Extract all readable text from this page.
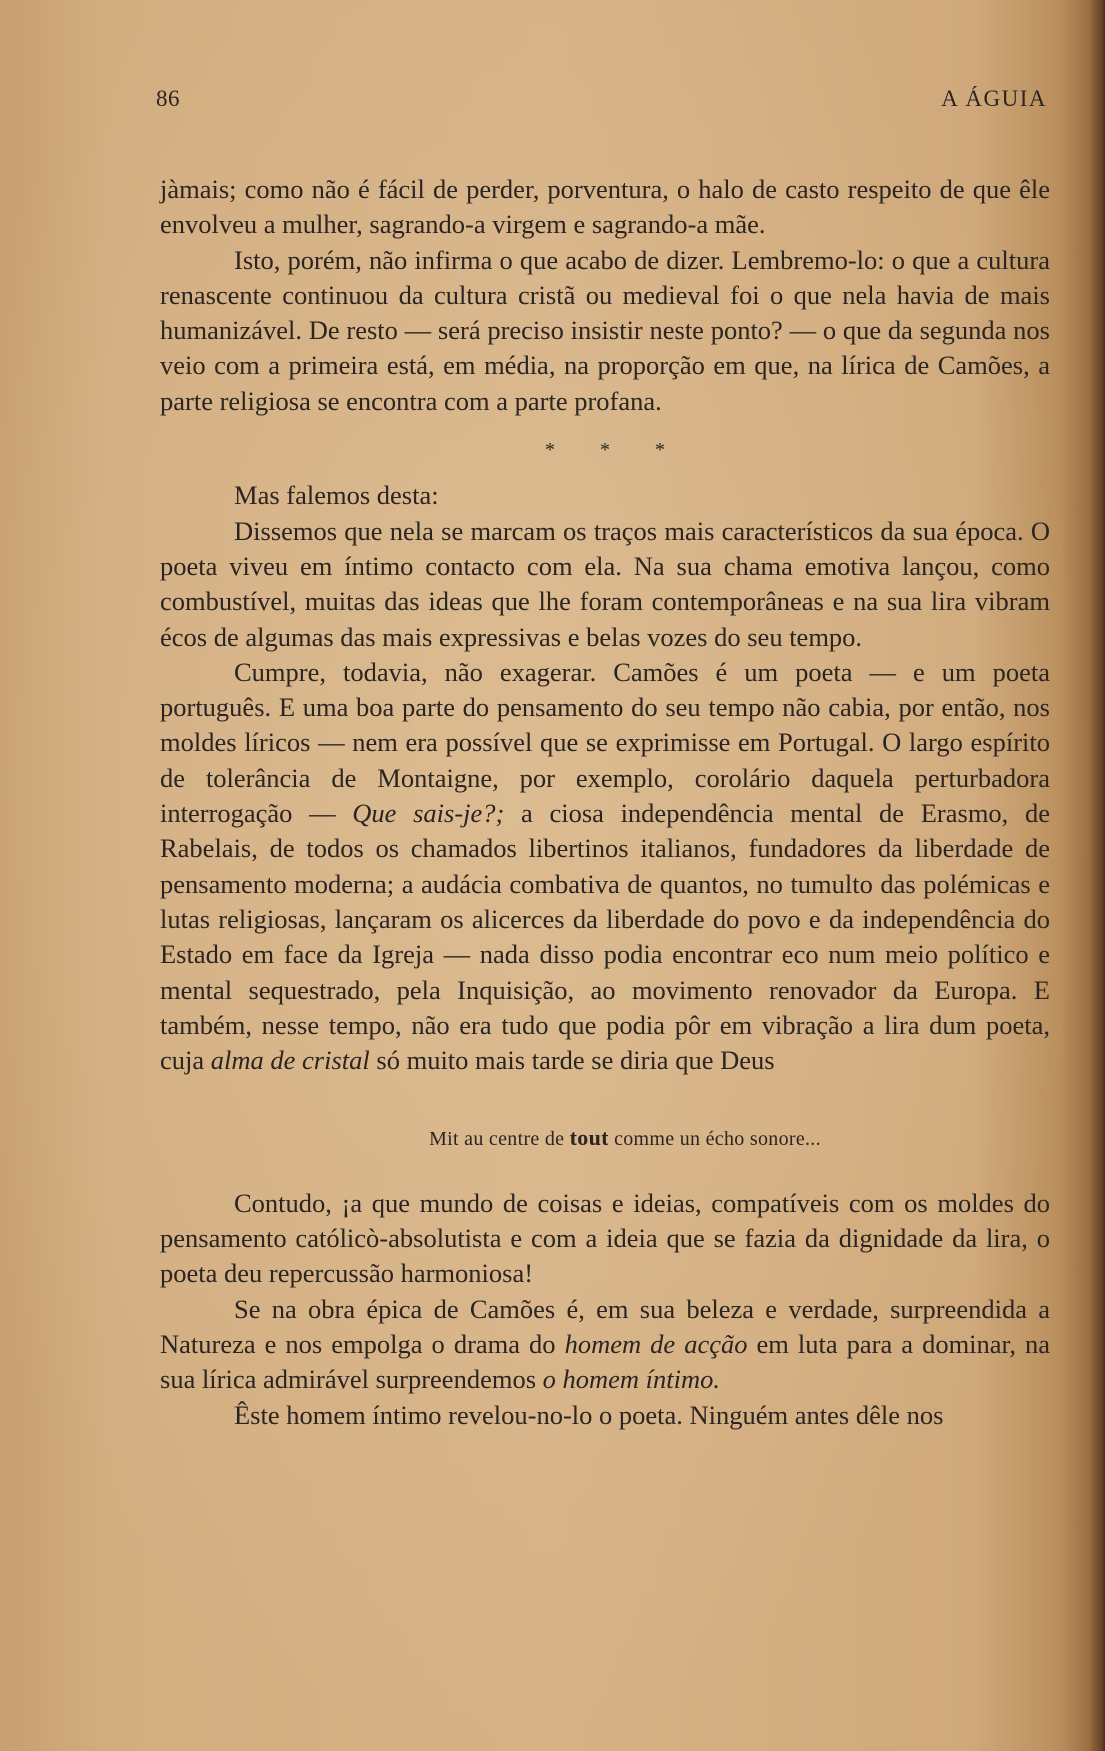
86	A ÁGUIA

jàmais; como não é fácil de perder, porventura, o halo de casto respeito de que êle envolveu a mulher, sagrando-a virgem e sagrando-a mãe.

Isto, porém, não infirma o que acabo de dizer. Lembremo-lo: o que a cultura renascente continuou da cultura cristã ou medieval foi o que nela havia de mais humanizável. De resto — será preciso insistir neste ponto? — o que da segunda nos veio com a primeira está, em média, na proporção em que, na lírica de Camões, a parte religiosa se encontra com a parte profana.

* * *

Mas falemos desta:

Dissemos que nela se marcam os traços mais característicos da sua época. O poeta viveu em íntimo contacto com ela. Na sua chama emotiva lançou, como combustível, muitas das ideas que lhe foram contemporâneas e na sua lira vibram écos de algumas das mais expressivas e belas vozes do seu tempo.

Cumpre, todavia, não exagerar. Camões é um poeta — e um poeta português. E uma boa parte do pensamento do seu tempo não cabia, por então, nos moldes líricos — nem era possível que se exprimisse em Portugal. O largo espírito de tolerância de Montaigne, por exemplo, corolário daquela perturbadora interrogação — Que sais-je?; a ciosa independência mental de Erasmo, de Rabelais, de todos os chamados libertinos italianos, fundadores da liberdade de pensamento moderna; a audácia combativa de quantos, no tumulto das polémicas e lutas religiosas, lançaram os alicerces da liberdade do povo e da independência do Estado em face da Igreja — nada disso podia encontrar eco num meio político e mental sequestrado, pela Inquisição, ao movimento renovador da Europa. E também, nesse tempo, não era tudo que podia pôr em vibração a lira dum poeta, cuja alma de cristal só muito mais tarde se diria que Deus

Mit au centre de tout comme un écho sonore...

Contudo, ¡a que mundo de coisas e ideias, compatíveis com os moldes do pensamento católicò-absolutista e com a ideia que se fazia da dignidade da lira, o poeta deu repercussão harmoniosa!

Se na obra épica de Camões é, em sua beleza e verdade, surpreendida a Natureza e nos empolga o drama do homem de acção em luta para a dominar, na sua lírica admirável surpreendemos o homem íntimo.

Êste homem íntimo revelou-no-lo o poeta. Ninguém antes dêle nos
